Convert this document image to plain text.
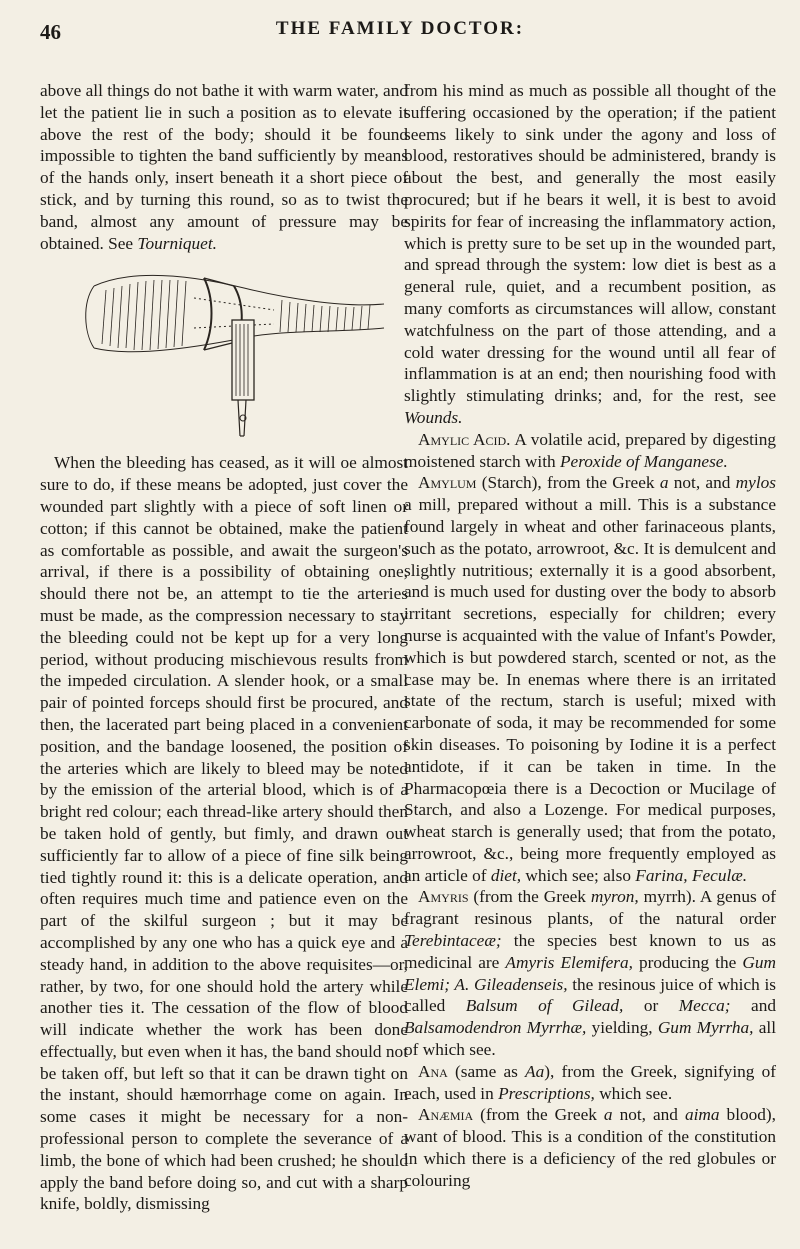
46	THE FAMILY DOCTOR:

above all things do not bathe it with warm water, and let the patient lie in such a position as to elevate it above the rest of the body; should it be found impossible to tighten the band sufficiently by means of the hands only, insert beneath it a short piece of stick, and by turning this round, so as to twist the band, almost any amount of pressure may be obtained. See Tourniquet.

When the bleeding has ceased, as it will oe almost sure to do, if these means be adopted, just cover the wounded part slightly with a piece of soft linen or cotton; if this cannot be obtained, make the patient as comfortable as possible, and await the surgeon's arrival, if there is a possibility of obtaining one, should there not be, an attempt to tie the arteries must be made, as the compression necessary to stay the bleeding could not be kept up for a very long period, without producing mischievous results from the impeded circulation. A slender hook, or a small pair of pointed forceps should first be procured, and then, the lacerated part being placed in a convenient position, and the bandage loosened, the position of the arteries which are likely to bleed may be noted by the emission of the arterial blood, which is of a bright red colour; each thread-like artery should then be taken hold of gently, but fimly, and drawn out sufficiently far to allow of a piece of fine silk being tied tightly round it: this is a delicate operation, and often requires much time and patience even on the part of the skilful surgeon ; but it may be accomplished by any one who has a quick eye and a steady hand, in addition to the above requisites—or, rather, by two, for one should hold the artery while another ties it. The cessation of the flow of blood will indicate whether the work has been done effectually, but even when it has, the band should not be taken off, but left so that it can be drawn tight on the instant, should hæmorrhage come on again. In some cases it might be necessary for a non-professional person to complete the severance of a limb, the bone of which had been crushed; he should apply the band before doing so, and cut with a sharp knife, boldly, dismissing

from his mind as much as possible all thought of the suffering occasioned by the operation; if the patient seems likely to sink under the agony and loss of blood, restoratives should be administered, brandy is about the best, and generally the most easily procured; but if he bears it well, it is best to avoid spirits for fear of increasing the inflammatory action, which is pretty sure to be set up in the wounded part, and spread through the system: low diet is best as a general rule, quiet, and a recumbent position, as many comforts as circumstances will allow, constant watchfulness on the part of those attending, and a cold water dressing for the wound until all fear of inflammation is at an end; then nourishing food with slightly stimulating drinks; and, for the rest, see Wounds.

Amylic Acid. A volatile acid, prepared by digesting moistened starch with Peroxide of Manganese.

Amylum (Starch), from the Greek a not, and mylos a mill, prepared without a mill. This is a substance found largely in wheat and other farinaceous plants, such as the potato, arrowroot, &c. It is demulcent and slightly nutritious; externally it is a good absorbent, and is much used for dusting over the body to absorb irritant secretions, especially for children; every nurse is acquainted with the value of Infant's Powder, which is but powdered starch, scented or not, as the case may be. In enemas where there is an irritated state of the rectum, starch is useful; mixed with carbonate of soda, it may be recommended for some skin diseases. To poisoning by Iodine it is a perfect antidote, if it can be taken in time. In the Pharmacopœia there is a Decoction or Mucilage of Starch, and also a Lozenge. For medical purposes, wheat starch is generally used; that from the potato, arrowroot, &c., being more frequently employed as an article of diet, which see; also Farina, Feculæ.

Amyris (from the Greek myron, myrrh). A genus of fragrant resinous plants, of the natural order Terebintaceæ; the species best known to us as medicinal are Amyris Elemifera, producing the Gum Elemi; A. Gileadenseis, the resinous juice of which is called Balsum of Gilead, or Mecca; and Balsamodendron Myrrhæ, yielding, Gum Myrrha, all of which see.

Ana (same as Aa), from the Greek, signifying of each, used in Prescriptions, which see.

Anæmia (from the Greek a not, and aima blood), want of blood. This is a condition of the constitution in which there is a deficiency of the red globules or colouring
